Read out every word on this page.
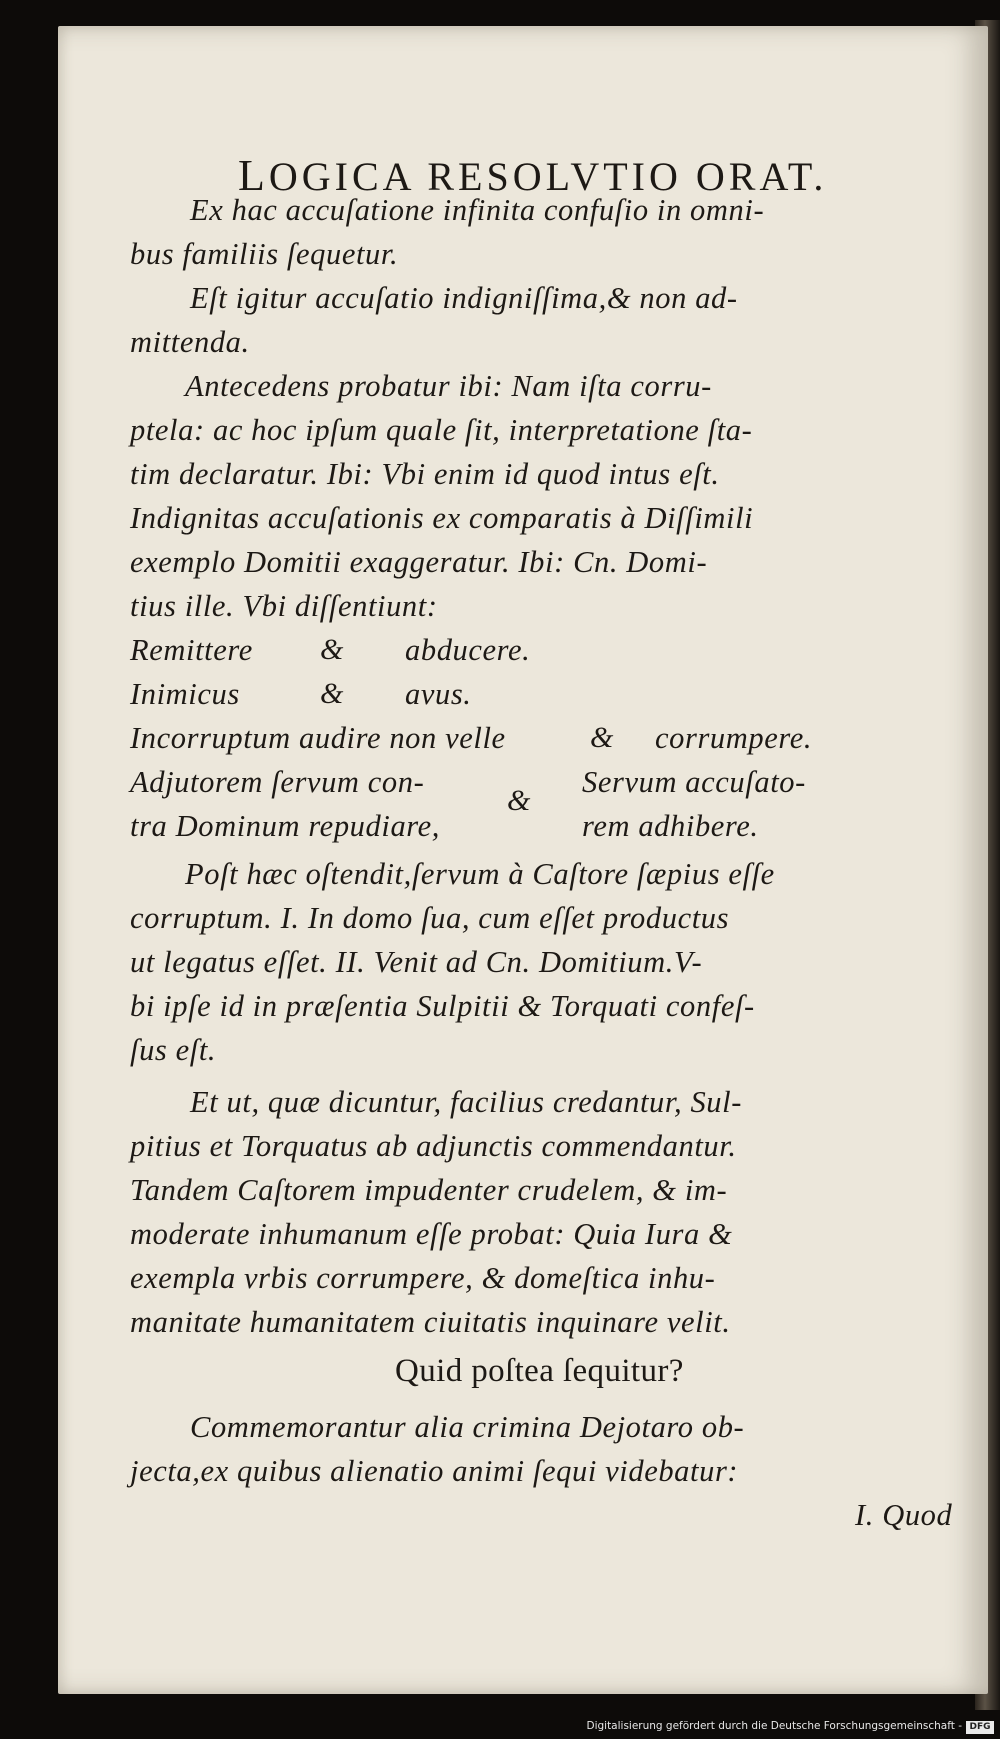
LOGICA RESOLVTIO ORAT.
Ex hac accuſatione infinita confuſio in omni-
bus familiis ſequetur.
Eſt igitur accuſatio indigniſſima,& non ad-
mittenda.
Antecedens probatur ibi: Nam iſta corru-
ptela: ac hoc ipſum quale ſit, interpretatione ſta-
tim declaratur. Ibi: Vbi enim id quod intus eſt.
Indignitas accuſationis ex comparatis à Diſſimili
exemplo Domitii exaggeratur. Ibi: Cn. Domi-
tius ille. Vbi diſſentiunt:
Remittere & abducere.
Inimicus	& avus.
Incorruptum audire non velle	& corrumpere.
Adjutorem ſervum con-
tra Dominum repudiare,
&
Servum accuſato-
rem adhibere.
Poſt hæc oſtendit,ſervum à Caſtore ſæpius eſſe
corruptum. I. In domo ſua, cum eſſet productus
ut legatus eſſet. II. Venit ad Cn. Domitium.V-
bi ipſe id in præſentia Sulpitii & Torquati confeſ-
ſus eſt.
Et ut, quæ dicuntur, facilius credantur, Sul-
pitius et Torquatus ab adjunctis commendantur.
Tandem Caſtorem impudenter crudelem, & im-
moderate inhumanum eſſe probat: Quia Iura &
exempla vrbis corrumpere, & domeſtica inhu-
manitate humanitatem ciuitatis inquinare velit.
Quid poſtea ſequitur?
Commemorantur alia crimina Dejotaro ob-
jecta,ex quibus alienatio animi ſequi videbatur:
I. Quod
Digitalisierung gefördert durch die Deutsche Forschungsgemeinschaft - DFG
